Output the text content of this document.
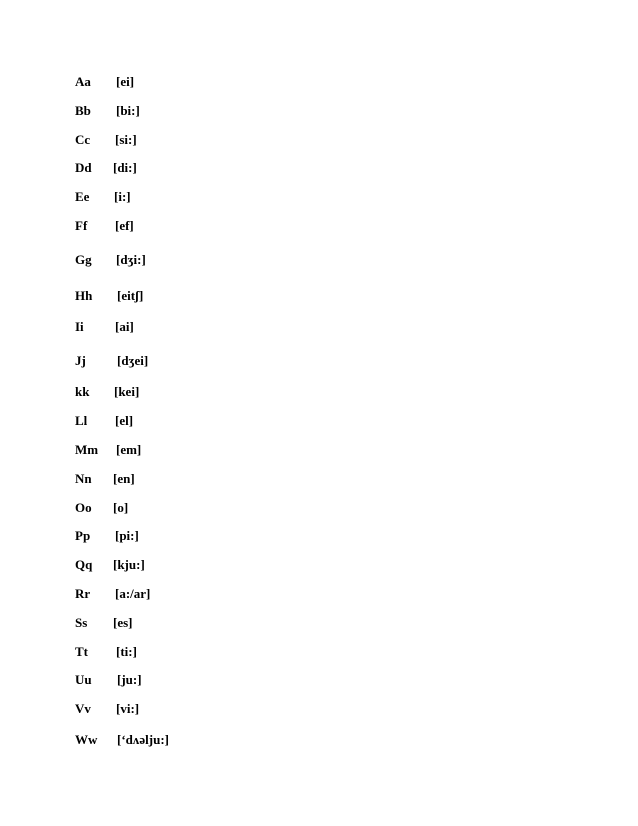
Aa [ei]
Bb [bi:]
Cc [si:]
Dd [di:]
Ee [i:]
Ff [ef]
Gg [dʒi:]
Hh [eitʃ]
Ii [ai]
Jj [dʒei]
kk [kei]
Ll [el]
Mm [em]
Nn [en]
Oo [o]
Pp [pi:]
Qq [kju:]
Rr [a:/ar]
Ss [es]
Tt [ti:]
Uu [ju:]
Vv [vi:]
Ww [‘dʌəlju:]
